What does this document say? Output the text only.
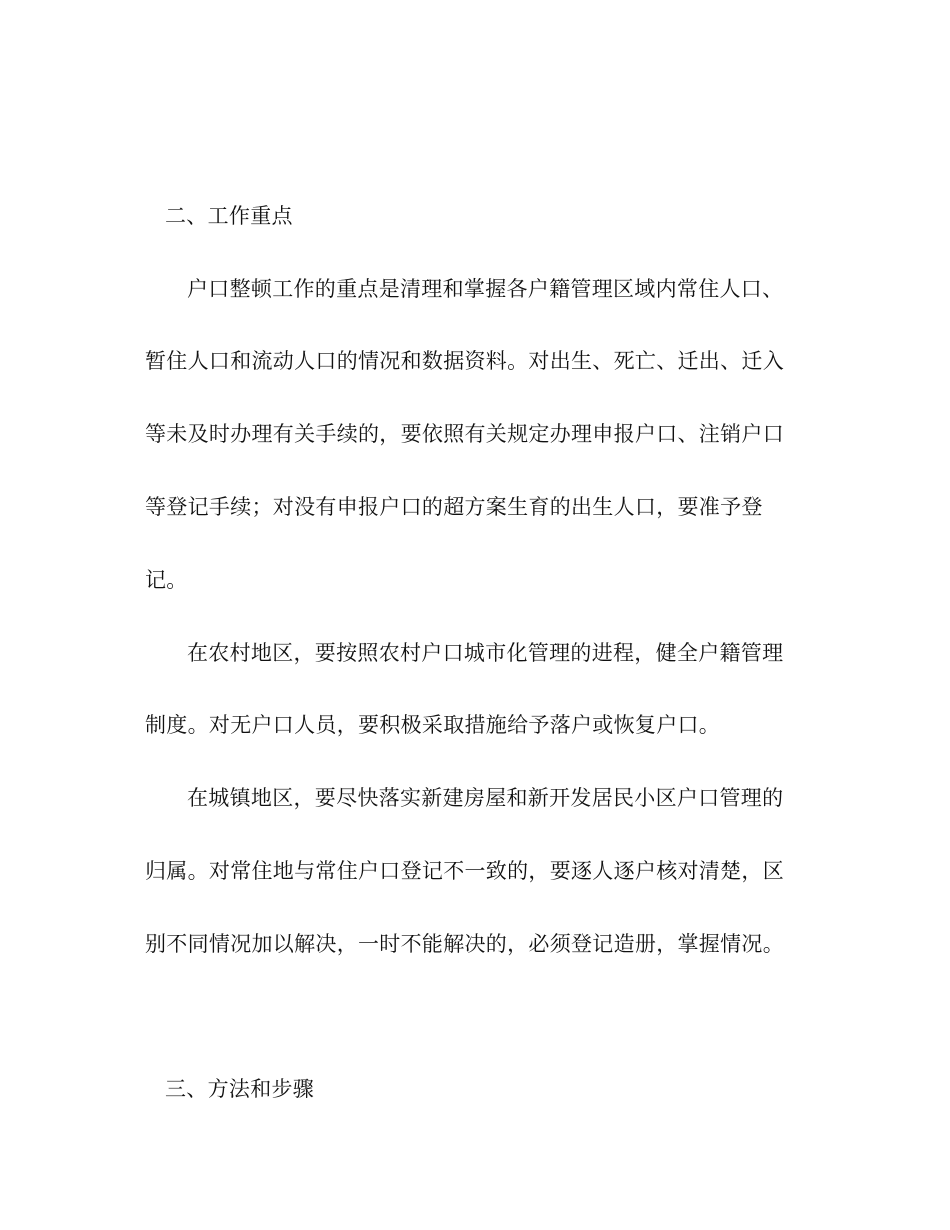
二、工作重点
户口整顿工作的重点是清理和掌握各户籍管理区域内常住人口、
暂住人口和流动人口的情况和数据资料。对出生、死亡、迁出、迁入
等未及时办理有关手续的，要依照有关规定办理申报户口、注销户口
等登记手续；对没有申报户口的超方案生育的出生人口，要准予登
记。
在农村地区，要按照农村户口城市化管理的进程，健全户籍管理
制度。对无户口人员，要积极采取措施给予落户或恢复户口。
在城镇地区，要尽快落实新建房屋和新开发居民小区户口管理的
归属。对常住地与常住户口登记不一致的，要逐人逐户核对清楚，区
别不同情况加以解决，一时不能解决的，必须登记造册，掌握情况。
三、方法和步骤
